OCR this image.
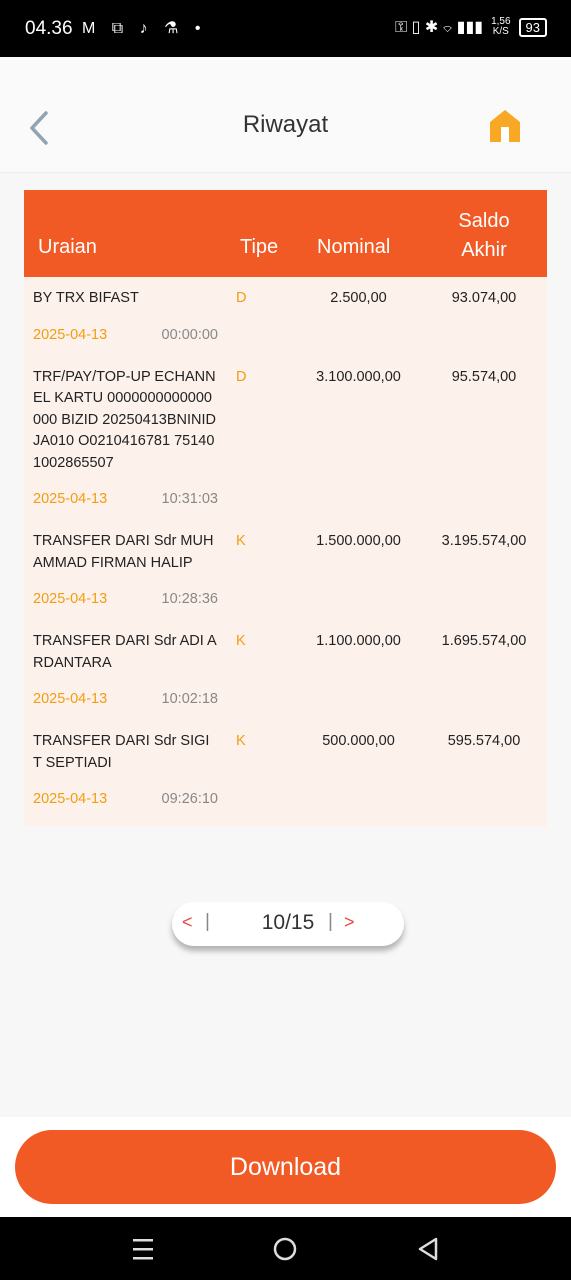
04.36 M ⧉ ♪ ⚗ •	⚿ ▯ ✱ ⌔ ▮▮▮ 1,56
K/S	93
Riwayat
Uraian	Tipe Nominal
Saldo
Akhir
BY TRX BIFAST	D	2.500,00	93.074,00
2025-04-13	00:00:00
TRF/PAY/TOP-UP ECHANNEL KARTU 0000000000000000 BIZID 20250413BNINIDJA010 O0210416781 751401002865507
D	3.100.000,00	95.574,00
2025-04-13	10:31:03
TRANSFER DARI Sdr MUHAMMAD FIRMAN HALIP
K	1.500.000,00	3.195.574,00
2025-04-13	10:28:36
TRANSFER DARI Sdr ADI ARDANTARA
K	1.100.000,00	1.695.574,00
2025-04-13	10:02:18
TRANSFER DARI Sdr SIGIT SEPTIADI
K	500.000,00	595.574,00
2025-04-13	09:26:10
< |	10/15 | >
Download
